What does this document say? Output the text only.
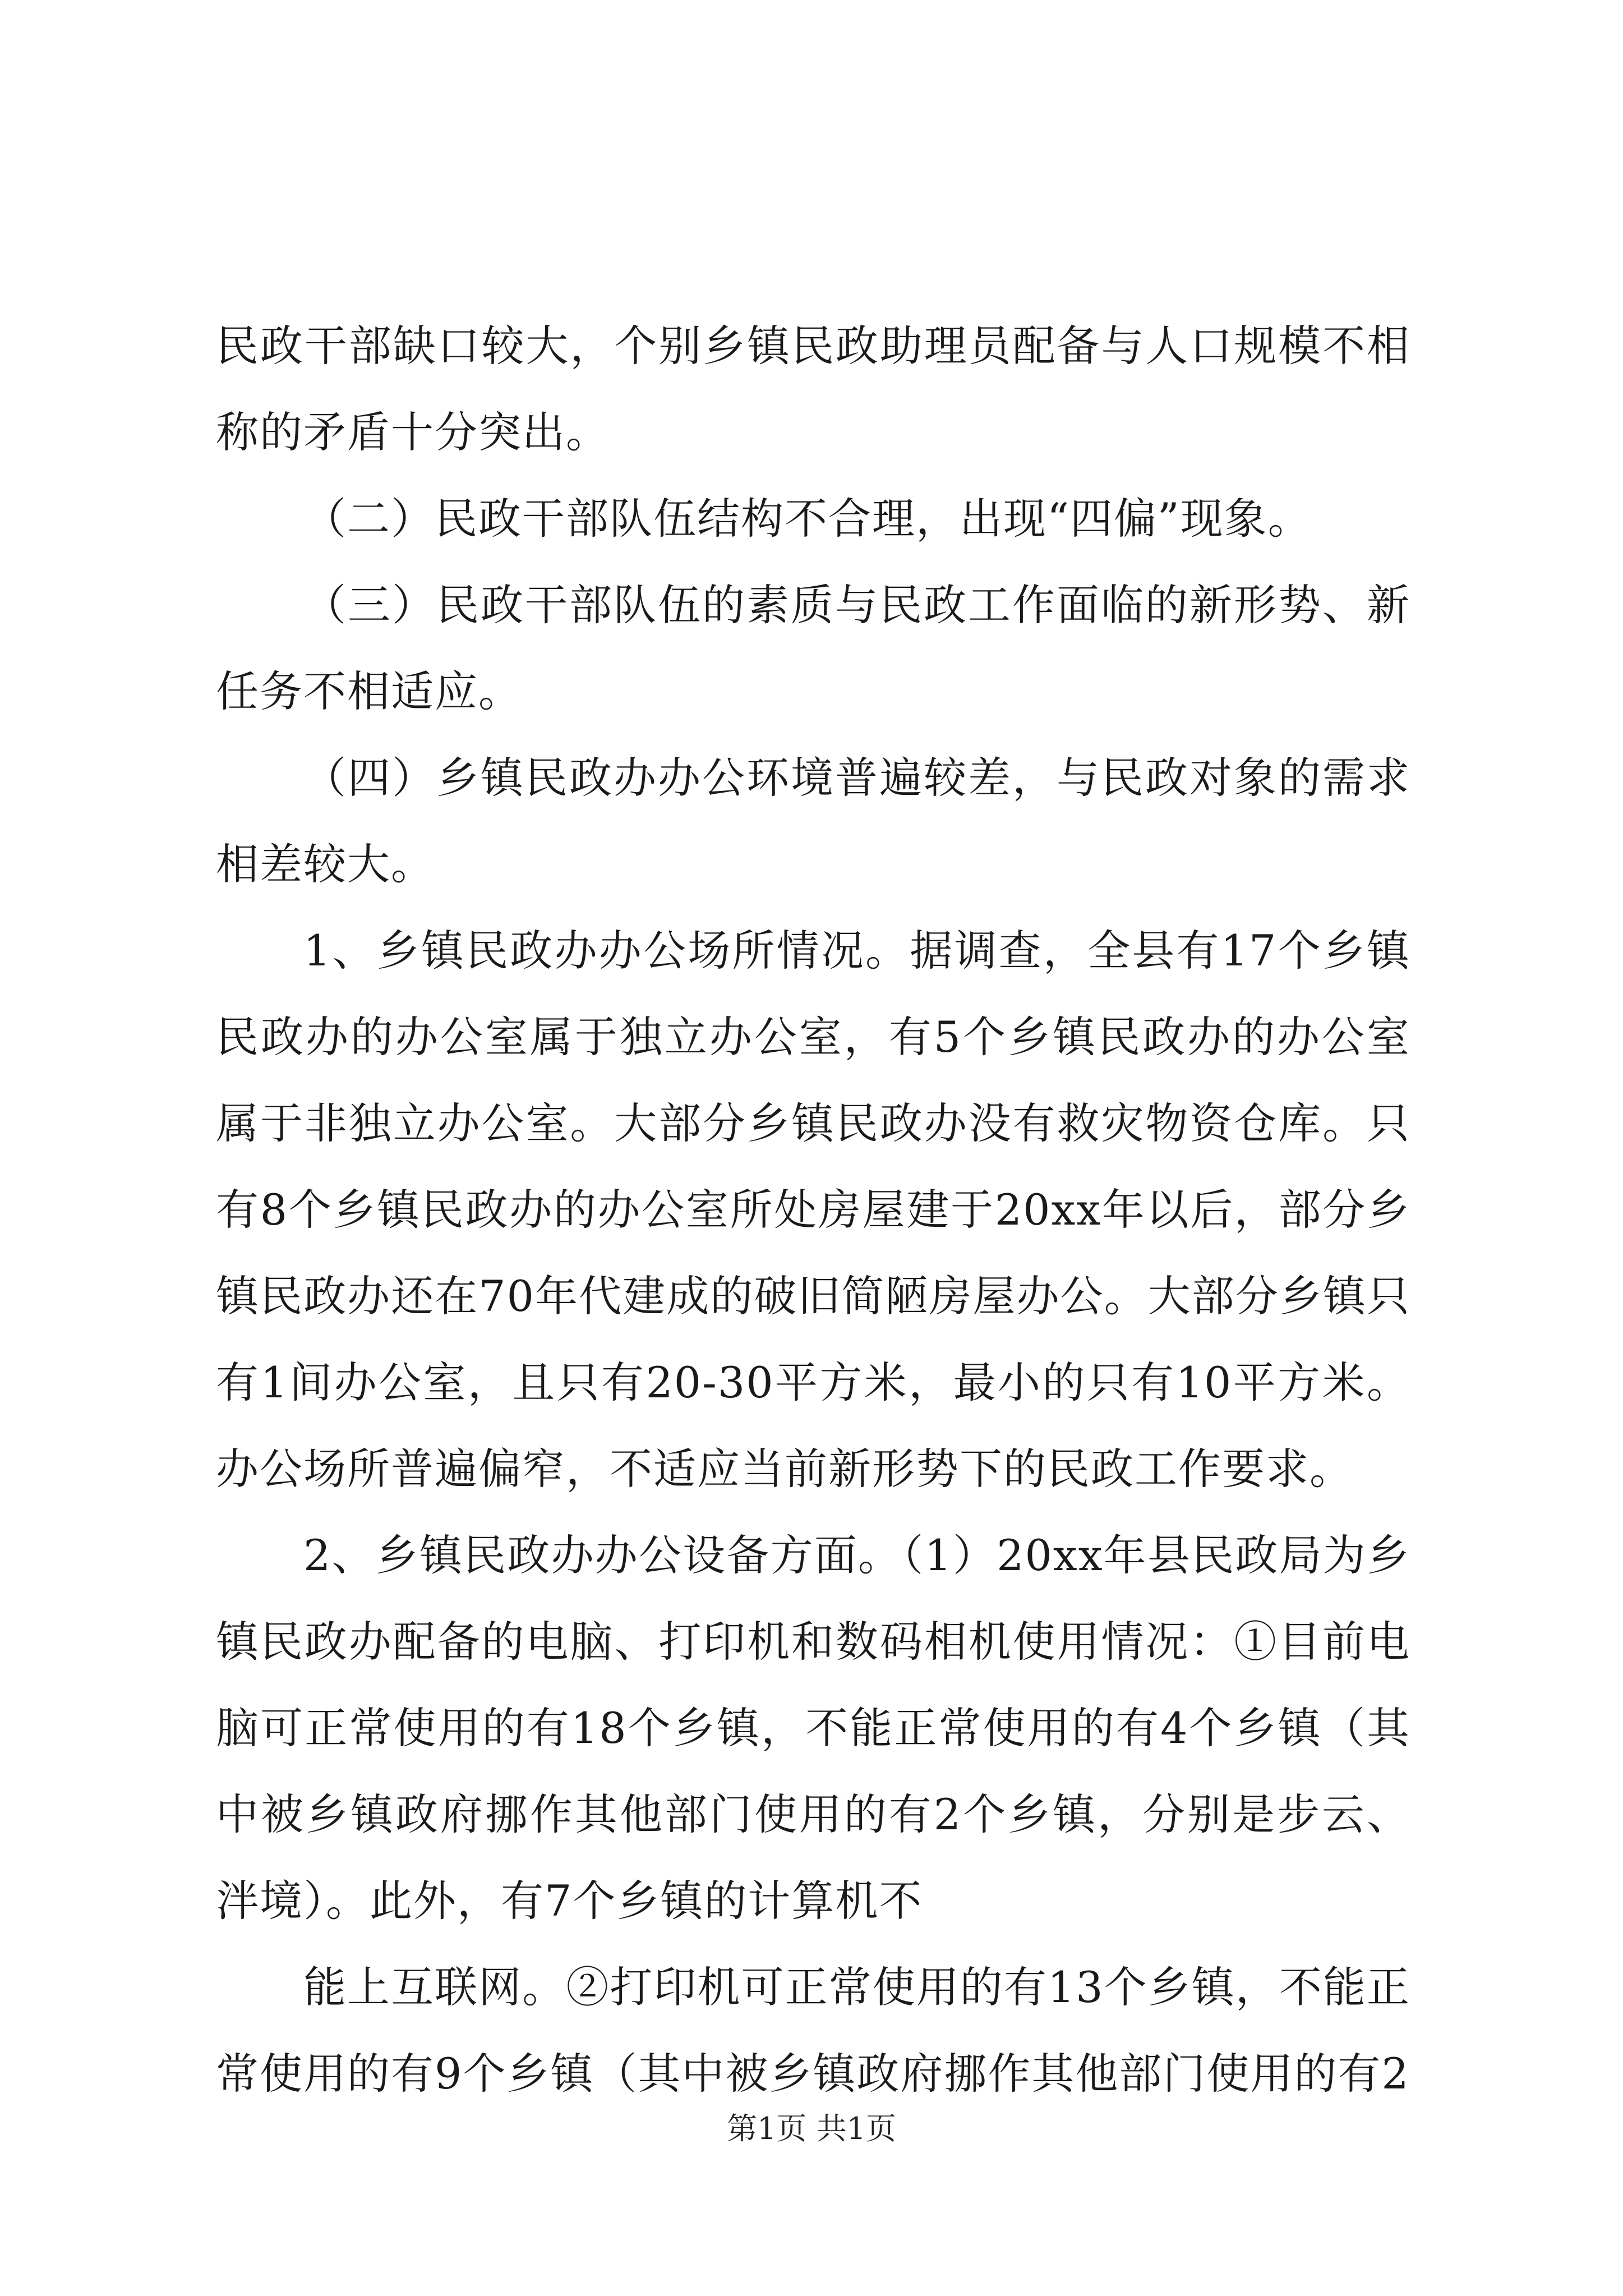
民政干部缺口较大，个别乡镇民政助理员配备与人口规模不相称的矛盾十分突出。

（二）民政干部队伍结构不合理，出现“四偏”现象。

（三）民政干部队伍的素质与民政工作面临的新形势、新任务不相适应。

（四）乡镇民政办办公环境普遍较差，与民政对象的需求相差较大。

1、乡镇民政办办公场所情况。据调查，全县有17个乡镇民政办的办公室属于独立办公室，有5个乡镇民政办的办公室属于非独立办公室。大部分乡镇民政办没有救灾物资仓库。只有8个乡镇民政办的办公室所处房屋建于20xx年以后，部分乡镇民政办还在70年代建成的破旧简陋房屋办公。大部分乡镇只有1间办公室，且只有20-30平方米，最小的只有10平方米。办公场所普遍偏窄，不适应当前新形势下的民政工作要求。

2、乡镇民政办办公设备方面。（1）20xx年县民政局为乡镇民政办配备的电脑、打印机和数码相机使用情况：①目前电脑可正常使用的有18个乡镇，不能正常使用的有4个乡镇（其中被乡镇政府挪作其他部门使用的有2个乡镇，分别是步云、泮境）。此外，有7个乡镇的计算机不

能上互联网。②打印机可正常使用的有13个乡镇，不能正常使用的有9个乡镇（其中被乡镇政府挪作其他部门使用的有2

第1页 共1页
